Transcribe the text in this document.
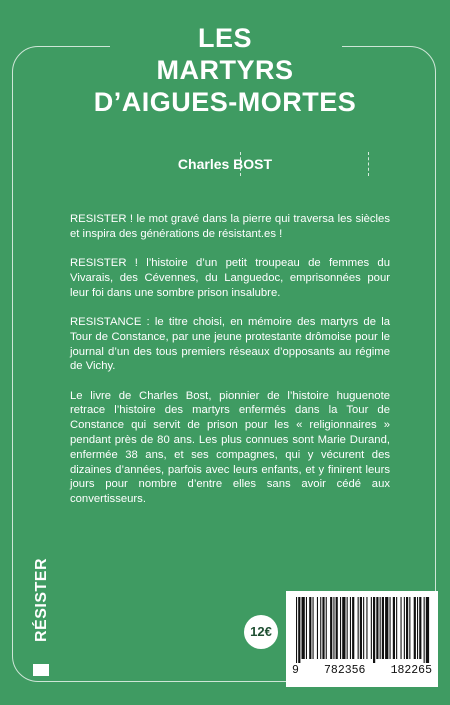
LES
MARTYRS
D’AIGUES-MORTES
Charles BOST

RESISTER ! le mot gravé dans la pierre qui traversa les siècles et inspira des générations de résistant.es !

RESISTER ! l’histoire d’un petit troupeau de femmes du Vivarais, des Cévennes, du Languedoc, emprisonnées pour leur foi dans une sombre prison insalubre.

RESISTANCE : le titre choisi, en mémoire des martyrs de la Tour de Constance, par une jeune protestante drômoise pour le journal d’un des tous premiers réseaux d’opposants au régime de Vichy.

Le livre de Charles Bost, pionnier de l’histoire huguenote retrace l’histoire des martyrs enfermés dans la Tour de Constance qui servit de prison pour les « religionnaires » pendant près de 80 ans. Les plus connues sont Marie Durand, enfermée 38 ans, et ses compagnes, qui y vécurent des dizaines d’années, parfois avec leurs enfants, et y finirent leurs jours pour nombre d’entre elles sans avoir cédé aux convertisseurs.

RÉSISTER	12€
9 782356 182265
